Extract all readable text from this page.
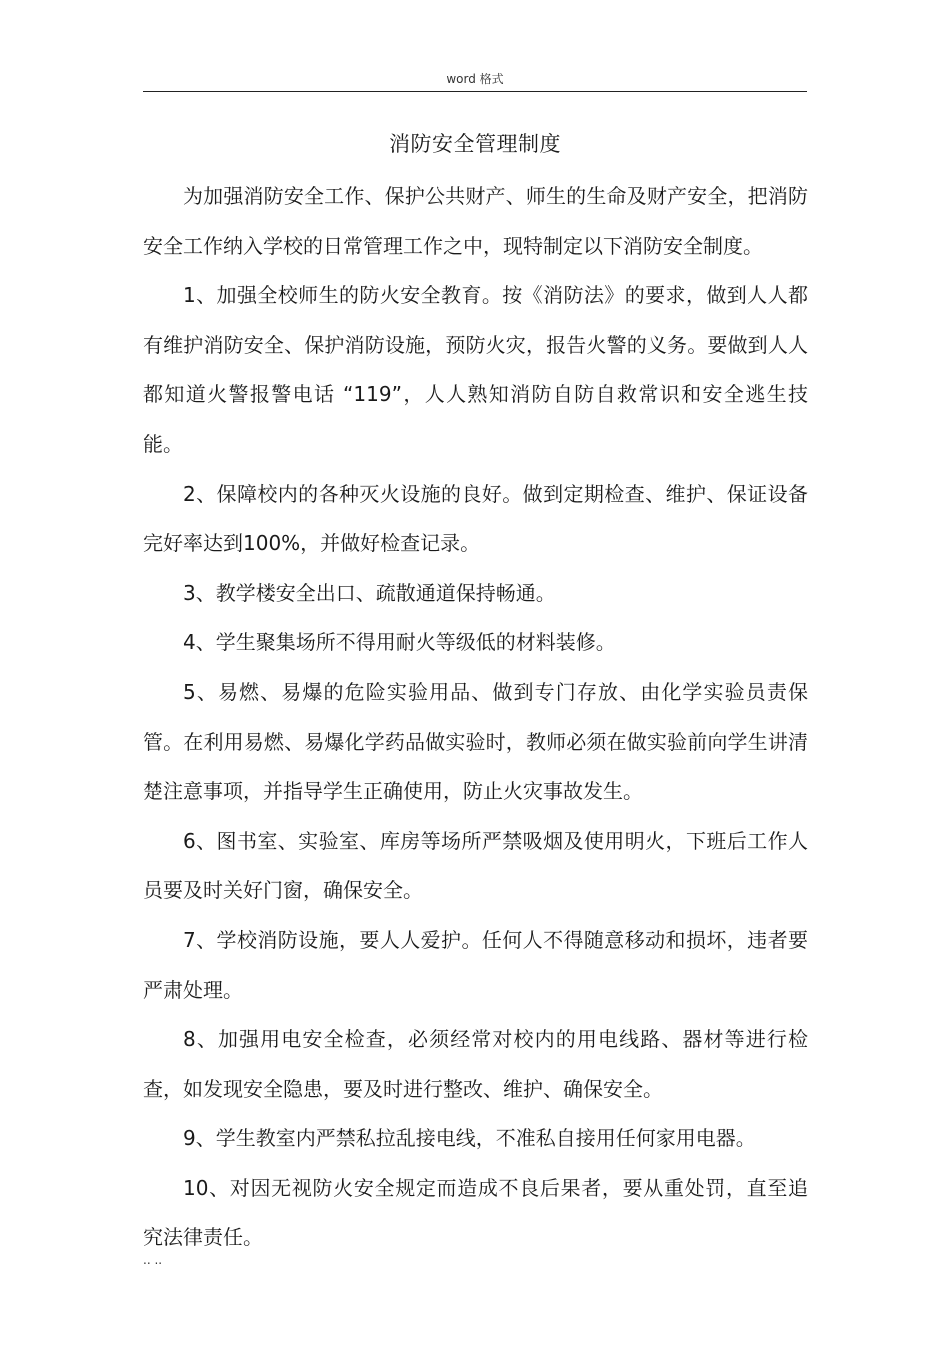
word 格式
消防安全管理制度

为加强消防安全工作、保护公共财产、师生的生命及财产安全，把消防安全工作纳入学校的日常管理工作之中，现特制定以下消防安全制度。

1、加强全校师生的防火安全教育。按《消防法》的要求，做到人人都有维护消防安全、保护消防设施，预防火灾，报告火警的义务。要做到人人都知道火警报警电话 “119”，人人熟知消防自防自救常识和安全逃生技能。

2、保障校内的各种灭火设施的良好。做到定期检查、维护、保证设备完好率达到100%，并做好检查记录。

3、教学楼安全出口、疏散通道保持畅通。

4、学生聚集场所不得用耐火等级低的材料装修。

5、易燃、易爆的危险实验用品、做到专门存放、由化学实验员责保管。在利用易燃、易爆化学药品做实验时，教师必须在做实验前向学生讲清楚注意事项，并指导学生正确使用，防止火灾事故发生。

6、图书室、实验室、库房等场所严禁吸烟及使用明火，下班后工作人员要及时关好门窗，确保安全。

7、学校消防设施，要人人爱护。任何人不得随意移动和损坏，违者要严肃处理。

8、加强用电安全检查，必须经常对校内的用电线路、器材等进行检查，如发现安全隐患，要及时进行整改、维护、确保安全。

9、学生教室内严禁私拉乱接电线，不准私自接用任何家用电器。

10、对因无视防火安全规定而造成不良后果者，要从重处罚，直至追究法律责任。

.. ..
